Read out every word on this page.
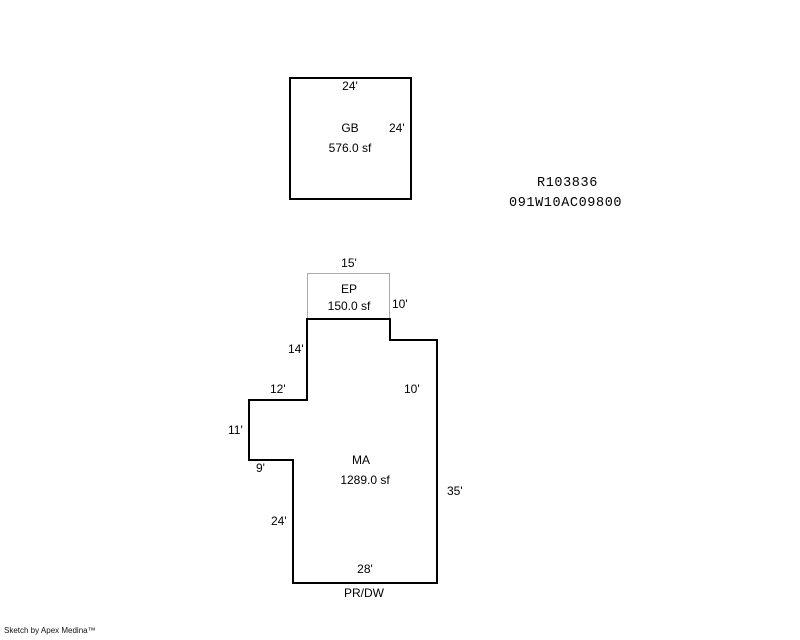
24'
24'
GB
576.0 sf
R103836
091W10AC09800
15'
10'
EP
150.0 sf
14'
12'	10'
11'
9'
24'
35'
28'
MA
1289.0 sf
PR/DW
Sketch by Apex Medina™
